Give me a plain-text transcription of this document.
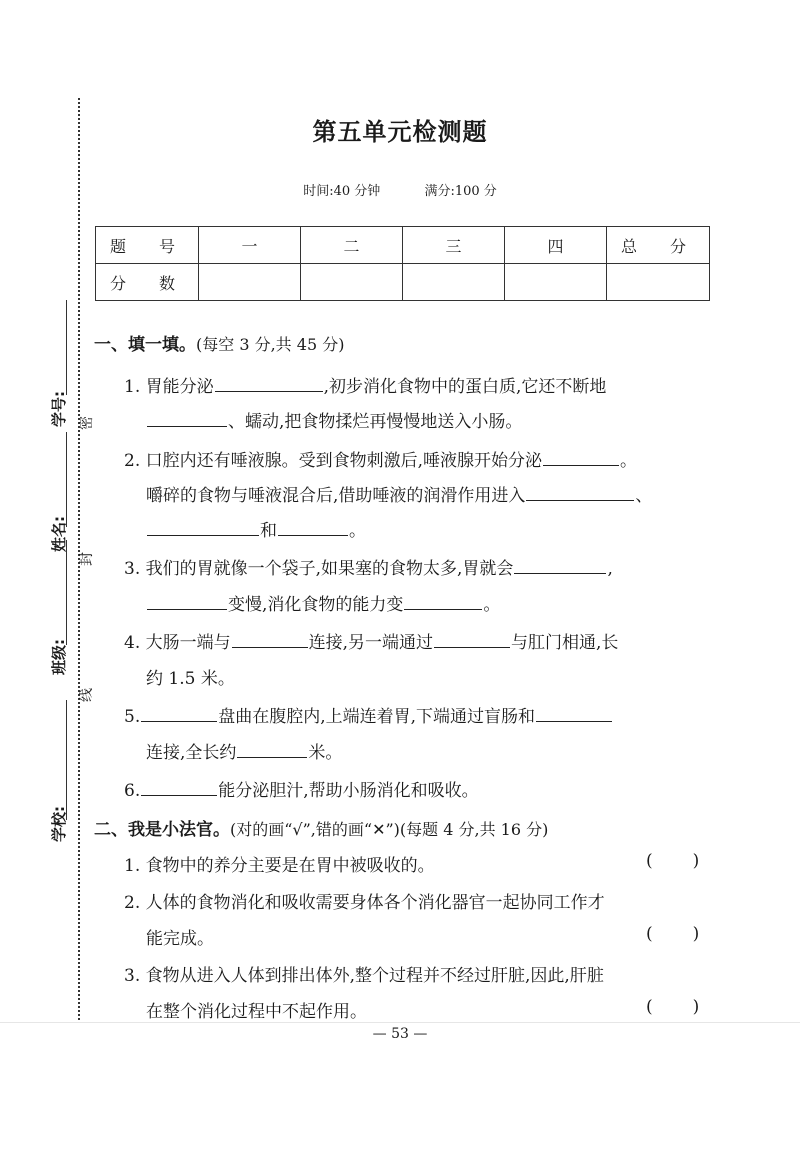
学校:
班级:
姓名:
学号:
线
封
密
第五单元检测题
时间:40 分钟	满分:100 分
题 号	一	二	三	四	总 分
分 数					
一、填一填。(每空 3 分,共 45 分)
1. 胃能分泌	,初步消化食物中的蛋白质,它还不断地
、蠕动,把食物揉烂再慢慢地送入小肠。
2. 口腔内还有唾液腺。受到食物刺激后,唾液腺开始分泌	。
嚼碎的食物与唾液混合后,借助唾液的润滑作用进入	、
和	。
3. 我们的胃就像一个袋子,如果塞的食物太多,胃就会	,
变慢,消化食物的能力变	。
4. 大肠一端与	连接,另一端通过	与肛门相通,长
约 1.5 米。
5.	盘曲在腹腔内,上端连着胃,下端通过盲肠和
连接,全长约	米。
6.	能分泌胆汁,帮助小肠消化和吸收。
二、我是小法官。(对的画“√”,错的画“✕”)(每题 4 分,共 16 分)
1. 食物中的养分主要是在胃中被吸收的。	( )
2. 人体的食物消化和吸收需要身体各个消化器官一起协同工作才
能完成。	( )
3. 食物从进入人体到排出体外,整个过程并不经过肝脏,因此,肝脏
在整个消化过程中不起作用。	( )
— 53 —
